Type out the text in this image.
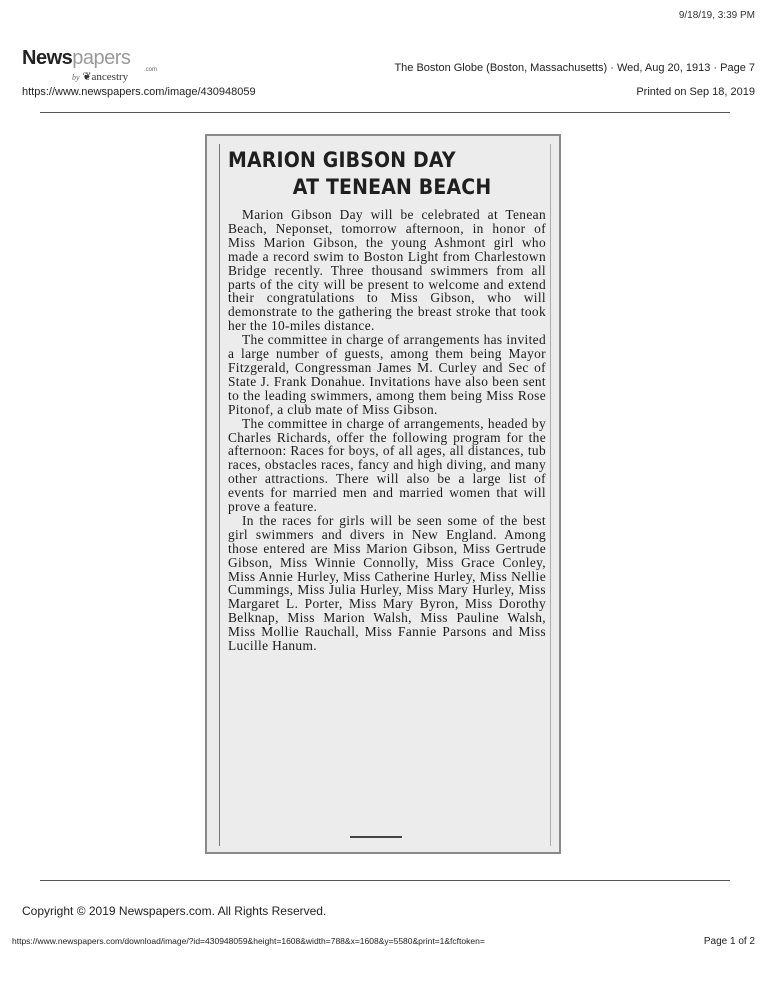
9/18/19, 3:39 PM
Newspapers
.com
by ❦ancestry
https://www.newspapers.com/image/430948059
The Boston Globe (Boston, Massachusetts) · Wed, Aug 20, 1913 · Page 7
Printed on Sep 18, 2019
MARION GIBSON DAY
AT TENEAN BEACH

Marion Gibson Day will be celebrated at Tenean Beach, Neponset, tomorrow afternoon, in honor of Miss Marion Gibson, the young Ashmont girl who made a record swim to Boston Light from Charlestown Bridge recently. Three thousand swimmers from all parts of the city will be present to welcome and extend their congratulations to Miss Gibson, who will demonstrate to the gathering the breast stroke that took her the 10-miles distance.

The committee in charge of arrangements has invited a large number of guests, among them being Mayor Fitzgerald, Congressman James M. Curley and Sec of State J. Frank Donahue. Invitations have also been sent to the leading swimmers, among them being Miss Rose Pitonof, a club mate of Miss Gibson.

The committee in charge of arrangements, headed by Charles Richards, offer the following program for the afternoon: Races for boys, of all ages, all distances, tub races, obstacles races, fancy and high diving, and many other attractions. There will also be a large list of events for married men and married women that will prove a feature.

In the races for girls will be seen some of the best girl swimmers and divers in New England. Among those entered are Miss Marion Gibson, Miss Gertrude Gibson, Miss Winnie Connolly, Miss Grace Conley, Miss Annie Hurley, Miss Catherine Hurley, Miss Nellie Cummings, Miss Julia Hurley, Miss Mary Hurley, Miss Margaret L. Porter, Miss Mary Byron, Miss Dorothy Belknap, Miss Marion Walsh, Miss Pauline Walsh, Miss Mollie Rauchall, Miss Fannie Parsons and Miss Lucille Hanum.

Copyright © 2019 Newspapers.com. All Rights Reserved.
https://www.newspapers.com/download/image/?id=430948059&height=1608&width=788&x=1608&y=5580&print=1&fcftoken=	Page 1 of 2
